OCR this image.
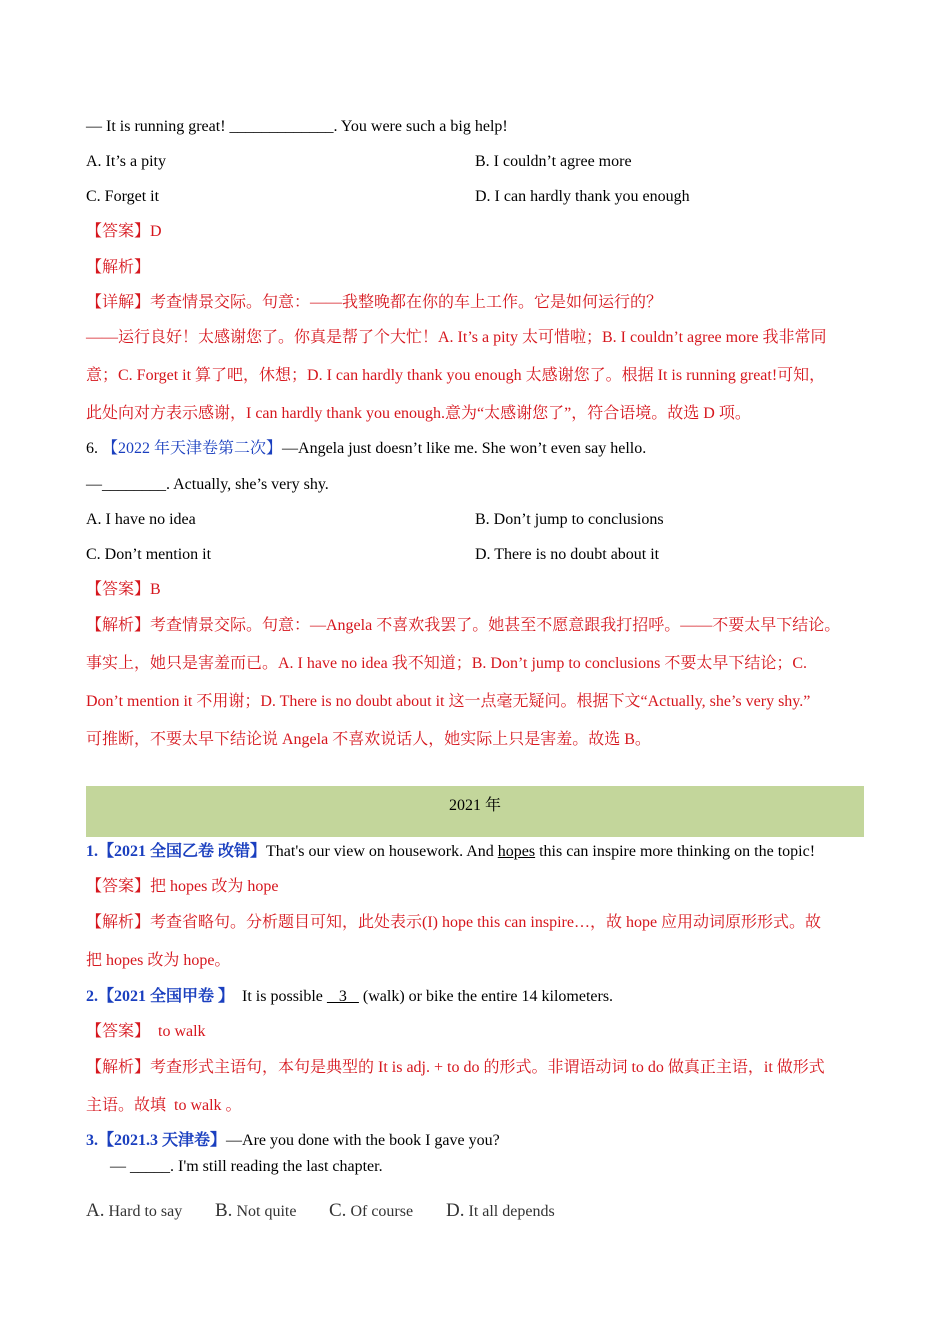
— It is running great! _____________. You were such a big help!
A. It’s a pity	B. I couldn’t agree more
C. Forget it	D. I can hardly thank you enough
【答案】D
【解析】
【详解】考查情景交际。句意：——我整晚都在你的车上工作。它是如何运行的？
——运行良好！太感谢您了。你真是帮了个大忙！A. It’s a pity 太可惜啦；B. I couldn’t agree more 我非常同
意；C. Forget it 算了吧，休想；D. I can hardly thank you enough 太感谢您了。根据 It is running great!可知，
此处向对方表示感谢，I can hardly thank you enough.意为“太感谢您了”，符合语境。故选 D 项。
6. 【2022 年天津卷第二次】—Angela just doesn’t like me. She won’t even say hello.
—________. Actually, she’s very shy.
A. I have no idea	B. Don’t jump to conclusions
C. Don’t mention it	D. There is no doubt about it
【答案】B
【解析】考查情景交际。句意：—Angela 不喜欢我罢了。她甚至不愿意跟我打招呼。——不要太早下结论。
事实上，她只是害羞而已。A. I have no idea 我不知道；B. Don’t jump to conclusions 不要太早下结论；C.
Don’t mention it 不用谢；D. There is no doubt about it 这一点毫无疑问。根据下文“Actually, she’s very shy.”
可推断，不要太早下结论说 Angela 不喜欢说话人，她实际上只是害羞。故选 B。
2021 年
1.【2021 全国乙卷 改错】That's our view on housework. And hopes this can inspire more thinking on the topic!
【答案】把 hopes 改为 hope
【解析】考查省略句。分析题目可知，此处表示(I) hope this can inspire…，故 hope 应用动词原形形式。故
把 hopes 改为 hope。
2.【2021 全国甲卷 】  It is possible    3    (walk) or bike the entire 14 kilometers.
【答案】  to walk
【解析】考查形式主语句，本句是典型的 It is adj. + to do 的形式。非谓语动词 to do 做真正主语，it 做形式
主语。故填  to walk 。
3.【2021.3 天津卷】—Are you done with the book I gave you?
— _____. I'm still reading the last chapter.
A. Hard to say B. Not quite C. Of course D. It all depends
